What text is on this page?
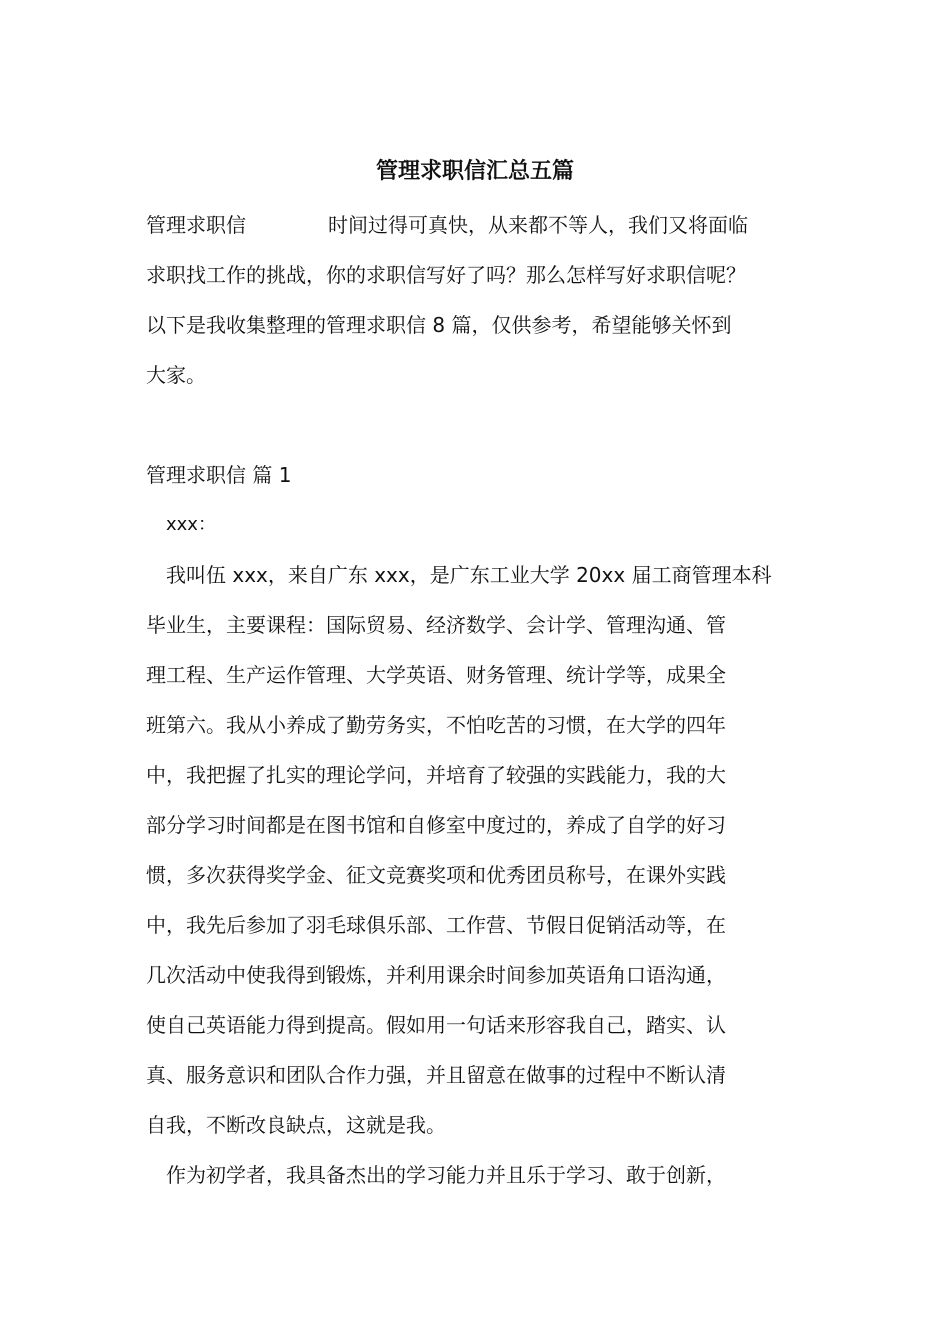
管理求职信汇总五篇
管理求职信	时间过得可真快，从来都不等人，我们又将面临
求职找工作的挑战，你的求职信写好了吗？那么怎样写好求职信呢？
以下是我收集整理的管理求职信 8 篇，仅供参考，希望能够关怀到
大家。
管理求职信 篇 1
xxx：
我叫伍 xxx，来自广东 xxx，是广东工业大学 20xx 届工商管理本科
毕业生，主要课程：国际贸易、经济数学、会计学、管理沟通、管
理工程、生产运作管理、大学英语、财务管理、统计学等，成果全
班第六。我从小养成了勤劳务实，不怕吃苦的习惯，在大学的四年
中，我把握了扎实的理论学问，并培育了较强的实践能力，我的大
部分学习时间都是在图书馆和自修室中度过的，养成了自学的好习
惯，多次获得奖学金、征文竞赛奖项和优秀团员称号，在课外实践
中，我先后参加了羽毛球俱乐部、工作营、节假日促销活动等，在
几次活动中使我得到锻炼，并利用课余时间参加英语角口语沟通，
使自己英语能力得到提高。假如用一句话来形容我自己，踏实、认
真、服务意识和团队合作力强，并且留意在做事的过程中不断认清
自我，不断改良缺点，这就是我。
作为初学者，我具备杰出的学习能力并且乐于学习、敢于创新，
